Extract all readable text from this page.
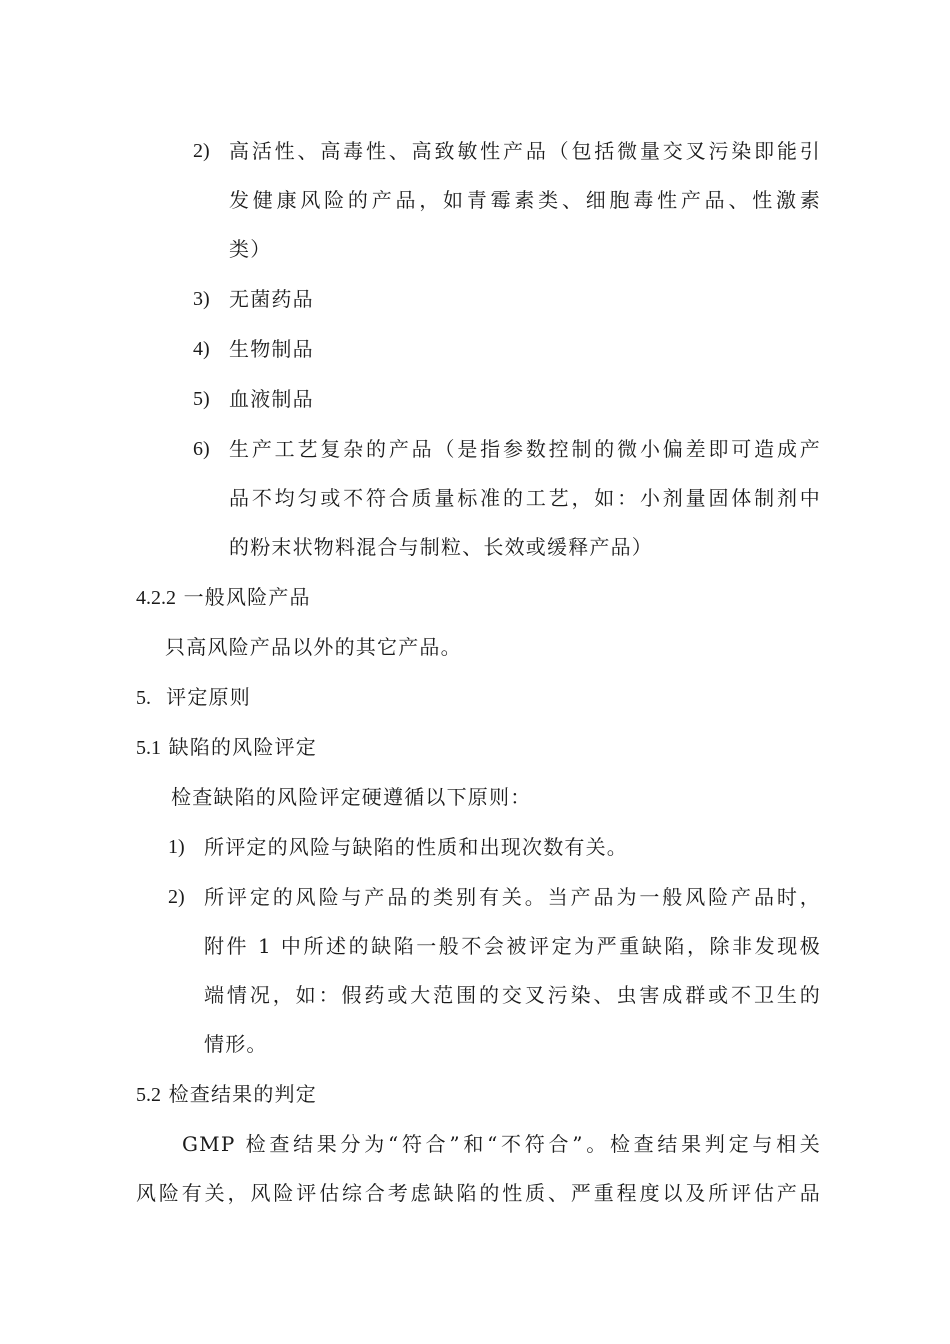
2) 高活性、高毒性、高致敏性产品（包括微量交叉污染即能引
发健康风险的产品，如青霉素类、细胞毒性产品、性激素
类）
3) 无菌药品
4) 生物制品
5) 血液制品
6) 生产工艺复杂的产品（是指参数控制的微小偏差即可造成产
品不均匀或不符合质量标准的工艺，如：小剂量固体制剂中
的粉末状物料混合与制粒、长效或缓释产品）
4.2.2 一般风险产品
只高风险产品以外的其它产品。
5. 评定原则
5.1 缺陷的风险评定
检查缺陷的风险评定硬遵循以下原则：
1) 所评定的风险与缺陷的性质和出现次数有关。
2) 所评定的风险与产品的类别有关。当产品为一般风险产品时，
附件 1 中所述的缺陷一般不会被评定为严重缺陷，除非发现极
端情况，如：假药或大范围的交叉污染、虫害成群或不卫生的
情形。
5.2 检查结果的判定
GMP 检查结果分为“符合”和“不符合”。检查结果判定与相关
风险有关，风险评估综合考虑缺陷的性质、严重程度以及所评估产品
